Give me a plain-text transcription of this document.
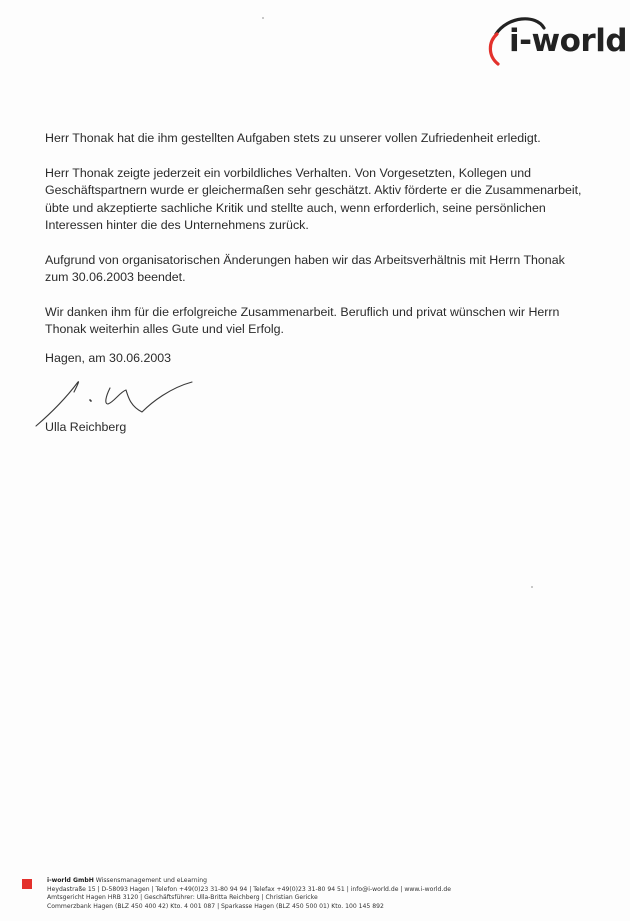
i-world

Herr Thonak hat die ihm gestellten Aufgaben stets zu unserer vollen Zufriedenheit erledigt.

Herr Thonak zeigte jederzeit ein vorbildliches Verhalten. Von Vorgesetzten, Kollegen und Geschäftspartnern wurde er gleichermaßen sehr geschätzt. Aktiv förderte er die Zusammenarbeit, übte und akzeptierte sachliche Kritik und stellte auch, wenn erforderlich, seine persönlichen Interessen hinter die des Unternehmens zurück.

Aufgrund von organisatorischen Änderungen haben wir das Arbeitsverhältnis mit Herrn Thonak zum 30.06.2003 beendet.

Wir danken ihm für die erfolgreiche Zusammenarbeit. Beruflich und privat wünschen wir Herrn Thonak weiterhin alles Gute und viel Erfolg.

Hagen, am 30.06.2003
Ulla Reichberg
i-world GmbH Wissensmanagement und eLearning
Heydastraße 15 | D-58093 Hagen | Telefon +49(0)23 31-80 94 94 | Telefax +49(0)23 31-80 94 51 | info@i-world.de | www.i-world.de
Amtsgericht Hagen HRB 3120 | Geschäftsführer: Ulla-Britta Reichberg | Christian Gericke
Commerzbank Hagen (BLZ 450 400 42) Kto. 4 001 087 | Sparkasse Hagen (BLZ 450 500 01) Kto. 100 145 892
